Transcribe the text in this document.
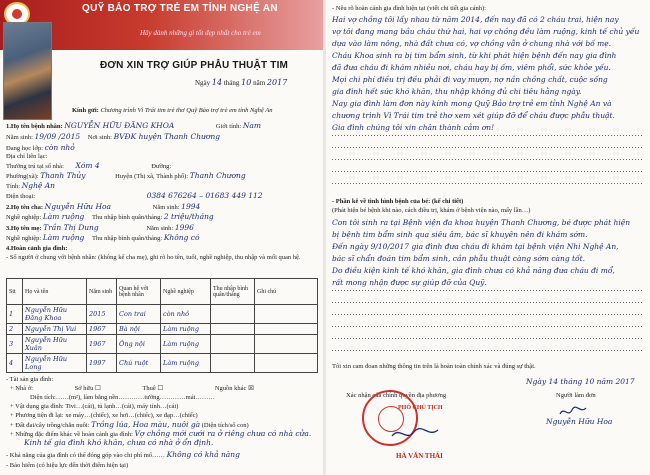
QUỸ BẢO TRỢ TRẺ EM TỈNH NGHỆ AN
Hãy dành những gì tốt đẹp nhất cho trẻ em
ĐƠN XIN TRỢ GIÚP PHẪU THUẬT TIM
Ngày 14 tháng 10 năm 2017
Kính gửi: Chương trình Vì Trái tim trẻ thơ Quỹ Bảo trợ trẻ em tỉnh Nghệ An
1.Họ tên bệnh nhân: NGUYỄN HỮU ĐĂNG KHOA	Giới tính: Nam
Năm sinh: 19/09 /2015 Nơi sinh: BVĐK huyện Thanh Chương
Đang học lớp: còn nhỏ
Địa chỉ liên lạc:
Thường trú tại số nhà: Xóm 4	Đường:
Phường(xã): Thanh Thủy	Huyện (Thị xã, Thành phố): Thanh Chương
Tỉnh: Nghệ An
Điện thoại:	0384 676264 – 01683 449 112
2.Họ tên cha: Nguyễn Hữu Hoa	Năm sinh: 1994
Nghề nghiệp: Làm ruộng Thu nhập bình quân/tháng: 2 triệu/tháng
3.Họ tên mẹ: Trần Thị Dung	Năm sinh: 1996
Nghề nghiệp: Làm ruộng Thu nhập bình quân/tháng: Không có
4.Hoàn cảnh gia đình:
- Số người ở chung với bệnh nhân: (không kể cha mẹ), ghi rõ ho tên, tuổi, nghề nghiệp, thu nhập và mối quan hệ.
Stt	Họ và tên	Năm sinh	Quan hệ với bệnh nhân	Nghề nghiệp	Thu nhập bình quân/tháng	Ghi chú
1	Nguyễn Hữu Đăng Khoa	2015	Con trai	còn nhỏ		
2	Nguyễn Thị Vui	1967	Bà nội	Làm ruộng		
3	Nguyễn Hữu Xuân	1967	Ông nội	Làm ruộng		
4	Nguyễn Hữu Long	1997	Chú ruột	Làm ruộng		
- Tài sản gia đình:
+ Nhà ở:	Sở hữu ☐	Thuê ☐	Nguồn khác ☒
Diện tích:……(m²), làm bằng nền…………tường…………mái………
+ Vật dụng gia đình: Tivi…(cái), tủ lạnh…(cái), máy tính…(cái)
+ Phương tiện đi lại: xe máy…(chiếc), xe hơi…(chiếc), xe đạp…(chiếc)
+ Đất đai/cây trồng/chăn nuôi: Trồng lúa, Hoa màu, nuôi gà (Diện tích/số con)
+ Những đặc điểm khác về hoàn cảnh gia đình: Vợ chồng mới cưới ra ở riêng chưa có nhà cửa.
Kinh tế gia đình khó khăn, chưa có nhà ở ổn định.
- Khả năng của gia đình có thể đóng góp vào chi phí mổ…… Không có khả năng
- Bảo hiểm (có hiệu lực đến thời điểm hiện tại)
- Nêu rõ hoàn cảnh gia đình hiện tại (viết chi tiết gia cảnh):
Hai vợ chồng tôi lấy nhau từ năm 2014, đến nay đã có 2 cháu trai, hiện nay
vợ tôi đang mang bầu cháu thứ hai, hai vợ chồng đều làm ruộng, kinh tế chủ yếu
dựa vào làm nông, nhà đất chưa có, vợ chồng vẫn ở chung nhà với bố mẹ.
Cháu Khoa sinh ra bị tim bẩm sinh, từ khi phát hiện bệnh đến nay gia đình
đã đưa cháu đi khám nhiều nơi, cháu hay bị ốm, viêm phổi, sức khỏe yếu.
Mọi chi phí điều trị đều phải đi vay mượn, nợ nần chồng chất, cuộc sống
gia đình hết sức khó khăn, thu nhập không đủ chi tiêu hằng ngày.
Nay gia đình làm đơn này kính mong Quỹ Bảo trợ trẻ em tỉnh Nghệ An và
chương trình Vì Trái tim trẻ thơ xem xét giúp đỡ để cháu được phẫu thuật.
Gia đình chúng tôi xin chân thành cảm ơn!
- Phần kê về tình hình bệnh của bé: (kể chi tiết)
(Phát hiện bé bệnh khi nào, cách điều trị, khám ở bệnh viện nào, mấy lần…)
Con tôi sinh ra tại Bệnh viện đa khoa huyện Thanh Chương, bé được phát hiện
bị bệnh tim bẩm sinh qua siêu âm, bác sĩ khuyên nên đi khám sớm.
Đến ngày 9/10/2017 gia đình đưa cháu đi khám tại bệnh viện Nhi Nghệ An,
bác sĩ chẩn đoán tim bẩm sinh, cần phẫu thuật càng sớm càng tốt.
Do điều kiện kinh tế khó khăn, gia đình chưa có khả năng đưa cháu đi mổ,
rất mong nhận được sự giúp đỡ của Quỹ.
Tôi xin cam đoan những thông tin trên là hoàn toàn chính xác và đúng sự thật.
Ngày 14 tháng 10 năm 2017
Xác nhận của chính quyền địa phương	Người làm đơn
PHÓ CHỦ TỊCH
HÀ VĂN THÁI
Nguyễn Hữu Hoa
